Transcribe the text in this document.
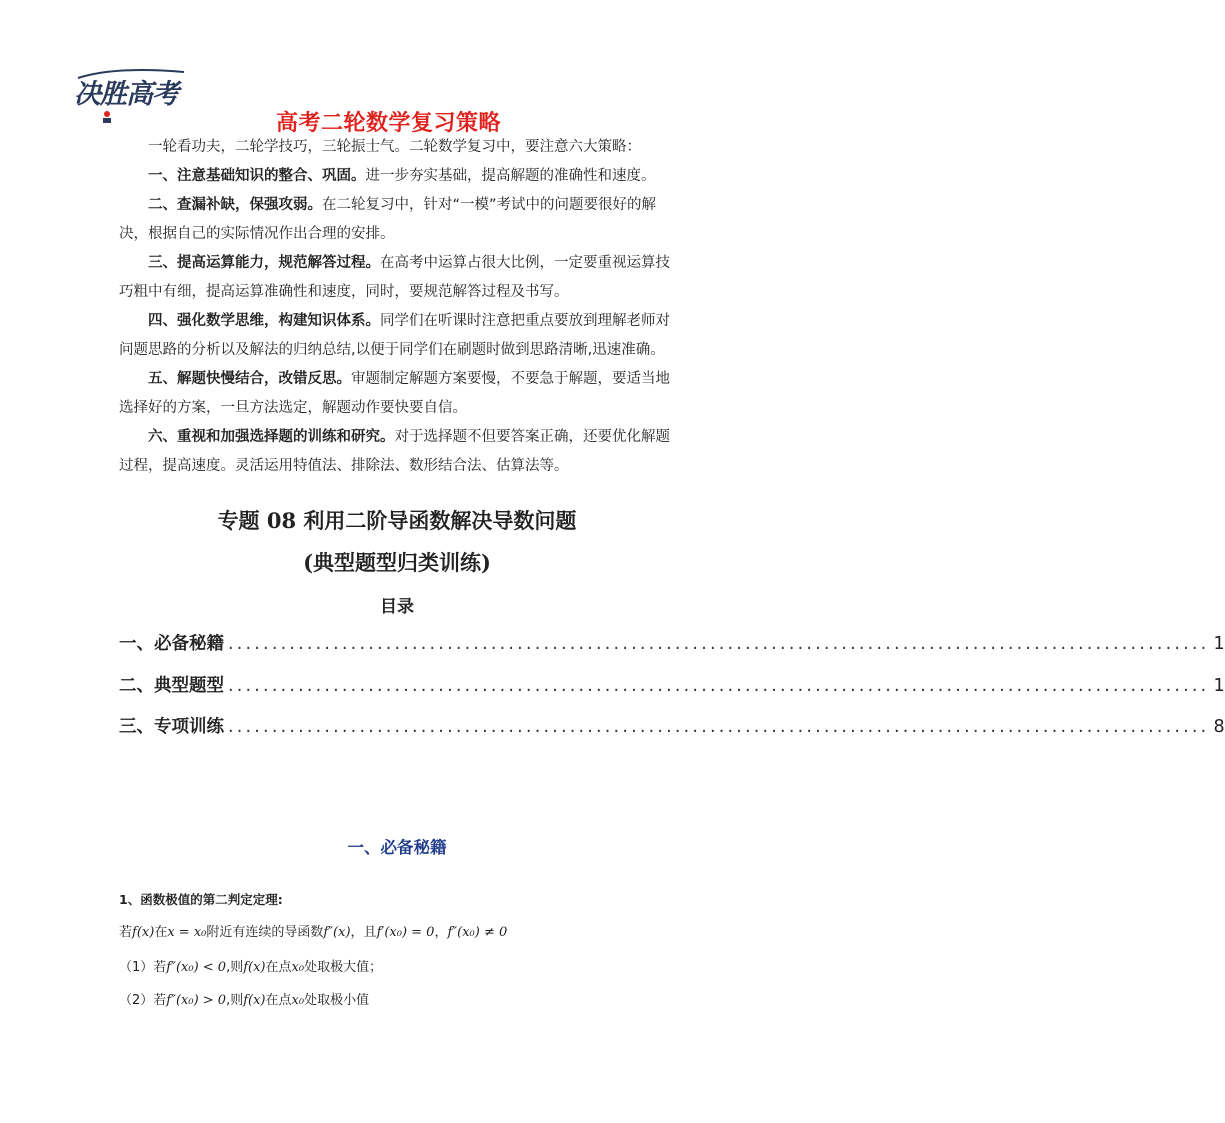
决胜高考
高考二轮数学复习策略

一轮看功夫，二轮学技巧，三轮振士气。二轮数学复习中，要注意六大策略：

一、注意基础知识的整合、巩固。进一步夯实基础，提高解题的准确性和速度。

二、查漏补缺，保强攻弱。在二轮复习中，针对“一模”考试中的问题要很好的解决，根据自己的实际情况作出合理的安排。

三、提高运算能力，规范解答过程。在高考中运算占很大比例，一定要重视运算技巧粗中有细，提高运算准确性和速度，同时，要规范解答过程及书写。

四、强化数学思维，构建知识体系。同学们在听课时注意把重点要放到理解老师对问题思路的分析以及解法的归纳总结,以便于同学们在刷题时做到思路清晰,迅速准确。

五、解题快慢结合，改错反思。审题制定解题方案要慢，不要急于解题，要适当地选择好的方案，一旦方法选定，解题动作要快要自信。

六、重视和加强选择题的训练和研究。对于选择题不但要答案正确，还要优化解题过程，提高速度。灵活运用特值法、排除法、数形结合法、估算法等。

专题 08 利用二阶导函数解决导数问题
(典型题型归类训练)
目录
一、必备秘籍 ................................................................................................................ 1
二、典型题型 ................................................................................................................ 1
三、专项训练 ................................................................................................................ 8
一、必备秘籍
1、函数极值的第二判定定理:
若f(x)在x = x₀附近有连续的导函数f″(x)，且f′(x₀) = 0，f″(x₀) ≠ 0
（1）若f″(x₀) < 0,则f(x)在点x₀处取极大值；
（2）若f″(x₀) > 0,则f(x)在点x₀处取极小值
